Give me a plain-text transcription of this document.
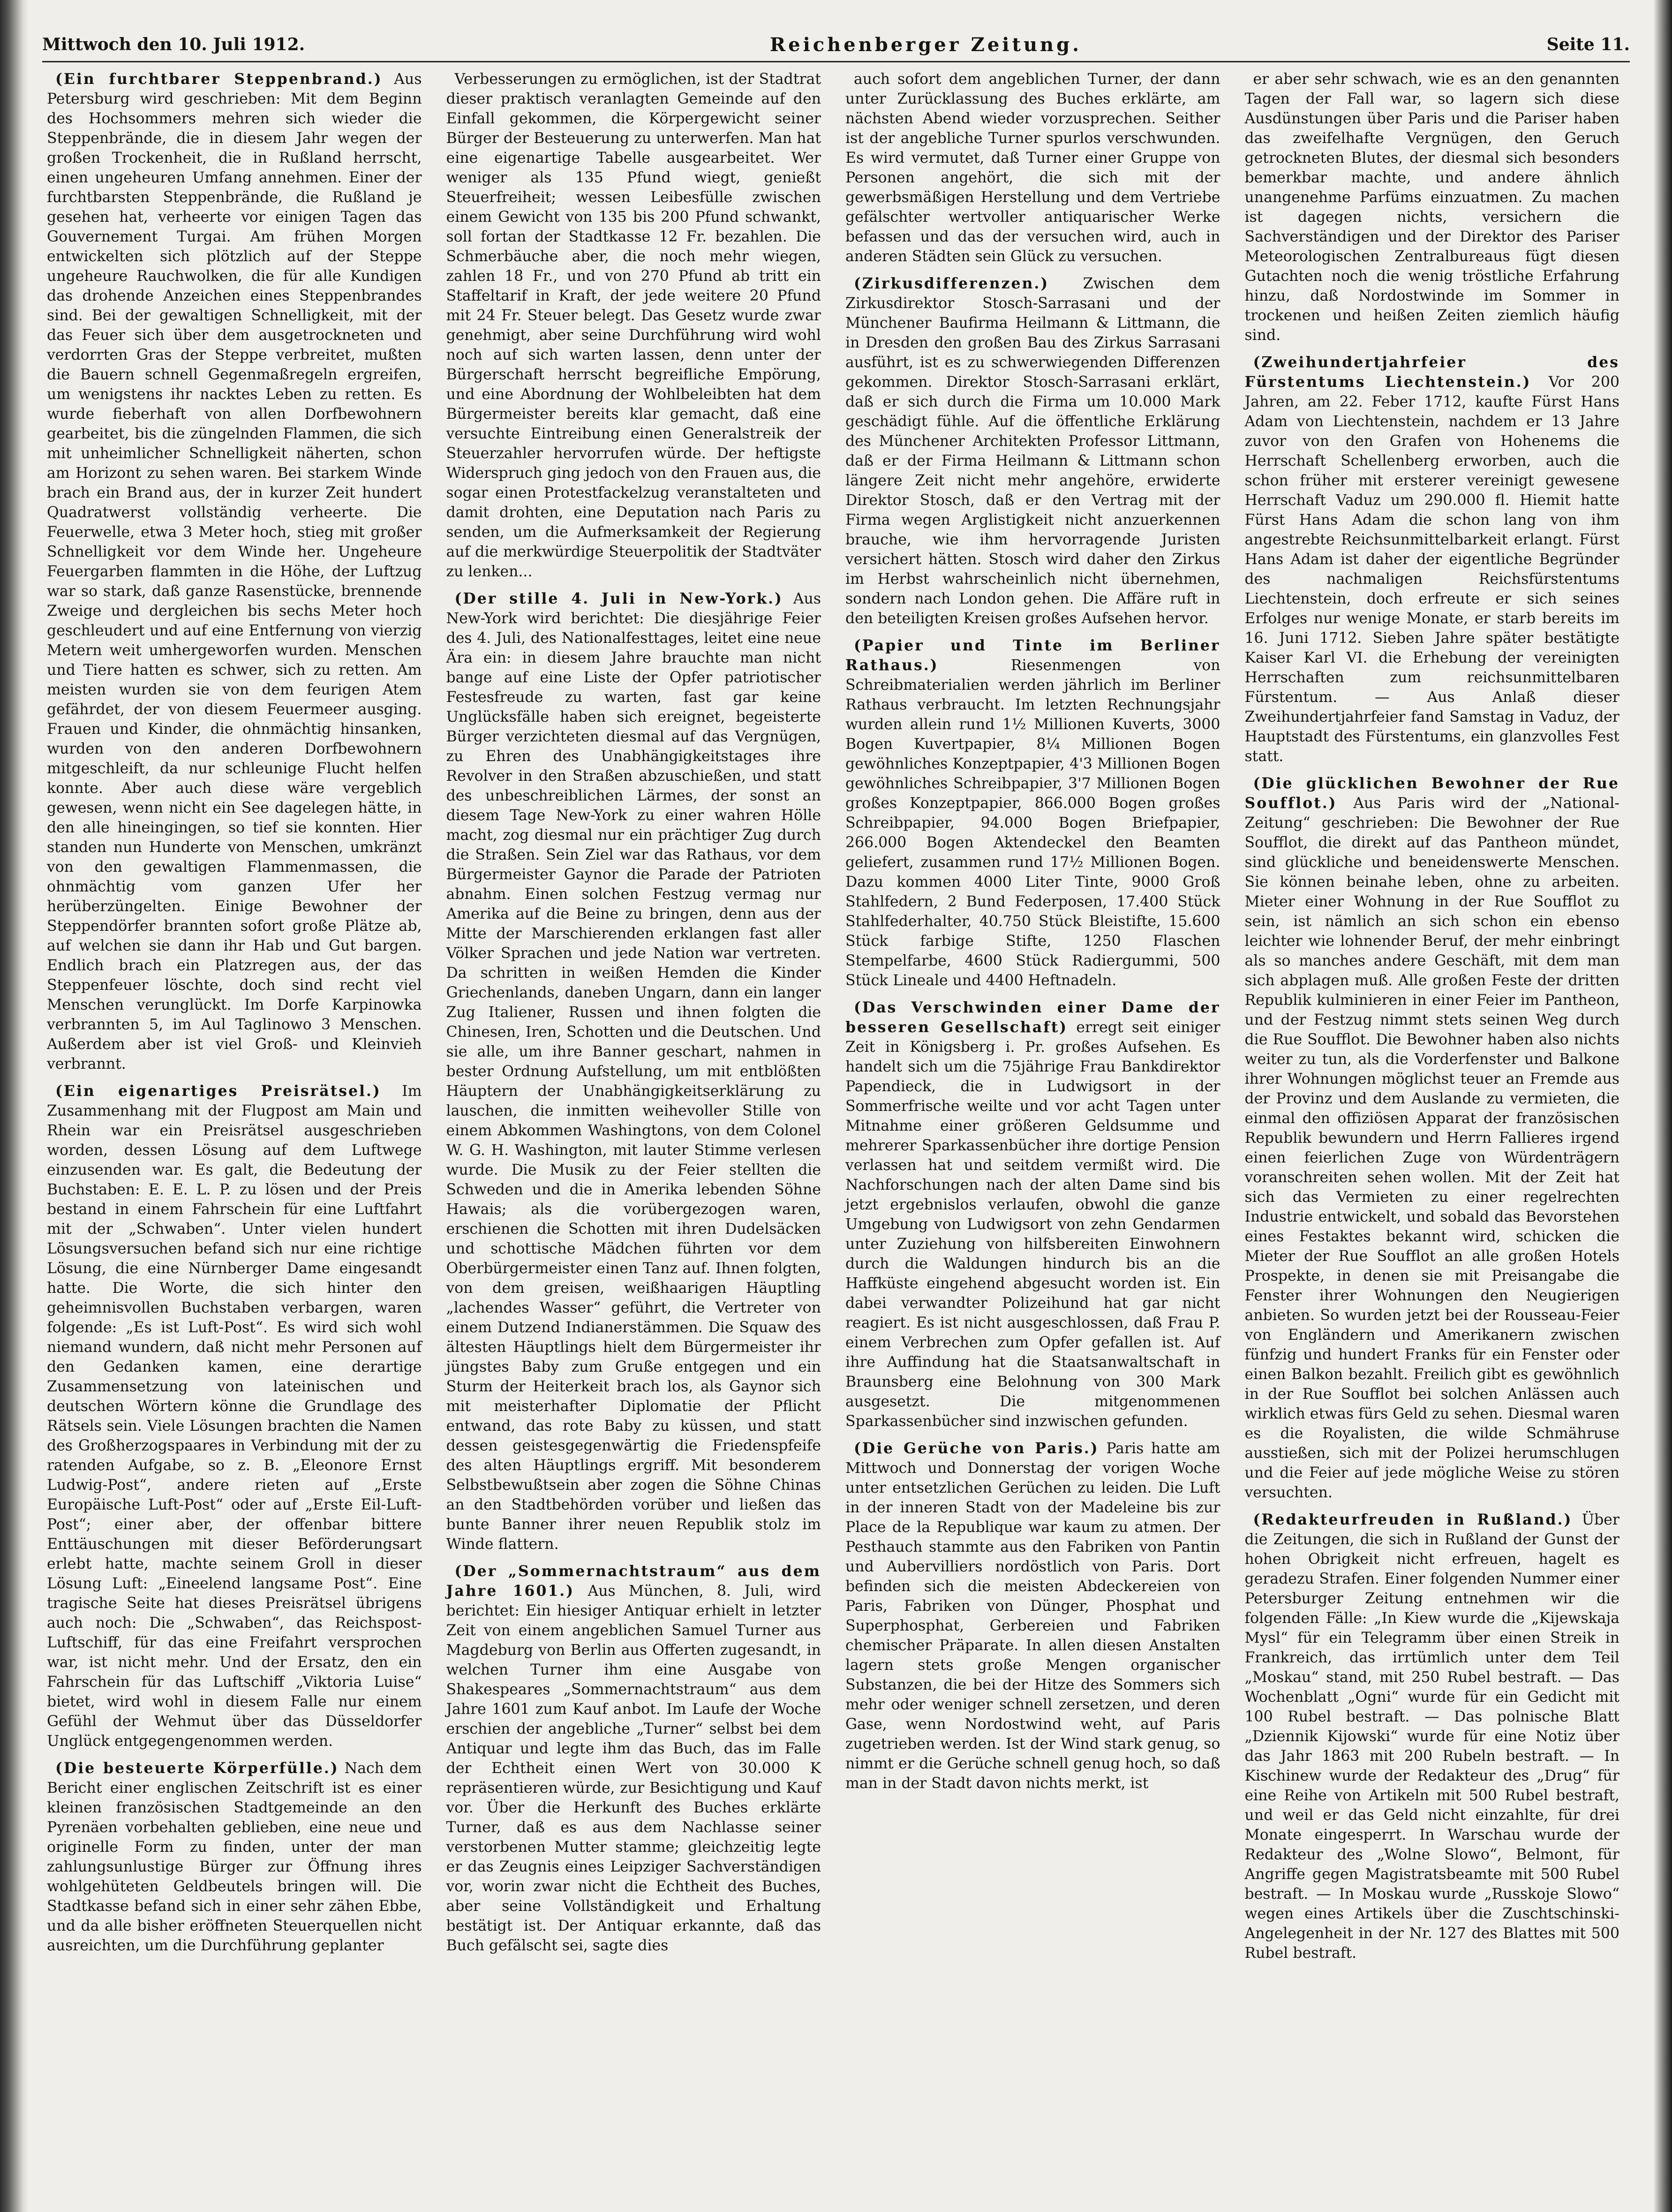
Mittwoch den 10. Juli 1912.	Reichenberger Zeitung.	Seite 11.

(Ein furchtbarer Steppenbrand.) Aus Petersburg wird geschrieben: Mit dem Beginn des Hochsommers mehren sich wieder die Steppenbrände, die in diesem Jahr wegen der großen Trockenheit, die in Rußland herrscht, einen ungeheuren Umfang annehmen. Einer der furchtbarsten Steppenbrände, die Rußland je gesehen hat, verheerte vor einigen Tagen das Gouvernement Turgai. Am frühen Morgen entwickelten sich plötzlich auf der Steppe ungeheure Rauchwolken, die für alle Kundigen das drohende Anzeichen eines Steppenbrandes sind. Bei der gewaltigen Schnelligkeit, mit der das Feuer sich über dem ausgetrockneten und verdorrten Gras der Steppe verbreitet, mußten die Bauern schnell Gegenmaßregeln ergreifen, um wenigstens ihr nacktes Leben zu retten. Es wurde fieberhaft von allen Dorfbewohnern gearbeitet, bis die züngelnden Flammen, die sich mit unheimlicher Schnelligkeit näherten, schon am Horizont zu sehen waren. Bei starkem Winde brach ein Brand aus, der in kurzer Zeit hundert Quadratwerst vollständig verheerte. Die Feuerwelle, etwa 3 Meter hoch, stieg mit großer Schnelligkeit vor dem Winde her. Ungeheure Feuergarben flammten in die Höhe, der Luftzug war so stark, daß ganze Rasenstücke, brennende Zweige und dergleichen bis sechs Meter hoch geschleudert und auf eine Entfernung von vierzig Metern weit umhergeworfen wurden. Menschen und Tiere hatten es schwer, sich zu retten. Am meisten wurden sie von dem feurigen Atem gefährdet, der von diesem Feuermeer ausging. Frauen und Kinder, die ohnmächtig hinsanken, wurden von den anderen Dorfbewohnern mitgeschleift, da nur schleunige Flucht helfen konnte. Aber auch diese wäre vergeblich gewesen, wenn nicht ein See dagelegen hätte, in den alle hineingingen, so tief sie konnten. Hier standen nun Hunderte von Menschen, umkränzt von den gewaltigen Flammenmassen, die ohnmächtig vom ganzen Ufer her herüberzüngelten. Einige Bewohner der Steppendörfer brannten sofort große Plätze ab, auf welchen sie dann ihr Hab und Gut bargen. Endlich brach ein Platzregen aus, der das Steppenfeuer löschte, doch sind recht viel Menschen verunglückt. Im Dorfe Karpinowka verbrannten 5, im Aul Taglinowo 3 Menschen. Außerdem aber ist viel Groß- und Kleinvieh verbrannt.

(Ein eigenartiges Preisrätsel.) Im Zusammenhang mit der Flugpost am Main und Rhein war ein Preisrätsel ausgeschrieben worden, dessen Lösung auf dem Luftwege einzusenden war. Es galt, die Bedeutung der Buchstaben: E. E. L. P. zu lösen und der Preis bestand in einem Fahrschein für eine Luftfahrt mit der „Schwaben“. Unter vielen hundert Lösungsversuchen befand sich nur eine richtige Lösung, die eine Nürnberger Dame eingesandt hatte. Die Worte, die sich hinter den geheimnisvollen Buchstaben verbargen, waren folgende: „Es ist Luft-Post“. Es wird sich wohl niemand wundern, daß nicht mehr Personen auf den Gedanken kamen, eine derartige Zusammensetzung von lateinischen und deutschen Wörtern könne die Grundlage des Rätsels sein. Viele Lösungen brachten die Namen des Großherzogspaares in Verbindung mit der zu ratenden Aufgabe, so z. B. „Eleonore Ernst Ludwig-Post“, andere rieten auf „Erste Europäische Luft-Post“ oder auf „Erste Eil-Luft-Post“; einer aber, der offenbar bittere Enttäuschungen mit dieser Beförderungsart erlebt hatte, machte seinem Groll in dieser Lösung Luft: „Eineelend langsame Post“. Eine tragische Seite hat dieses Preisrätsel übrigens auch noch: Die „Schwaben“, das Reichspost-Luftschiff, für das eine Freifahrt versprochen war, ist nicht mehr. Und der Ersatz, den ein Fahrschein für das Luftschiff „Viktoria Luise“ bietet, wird wohl in diesem Falle nur einem Gefühl der Wehmut über das Düsseldorfer Unglück entgegengenommen werden.

(Die besteuerte Körperfülle.) Nach dem Bericht einer englischen Zeitschrift ist es einer kleinen französischen Stadtgemeinde an den Pyrenäen vorbehalten geblieben, eine neue und originelle Form zu finden, unter der man zahlungsunlustige Bürger zur Öffnung ihres wohlgehüteten Geldbeutels bringen will. Die Stadtkasse befand sich in einer sehr zähen Ebbe, und da alle bisher eröffneten Steuerquellen nicht ausreichten, um die Durchführung geplanter

Verbesserungen zu ermöglichen, ist der Stadtrat dieser praktisch veranlagten Gemeinde auf den Einfall gekommen, die Körpergewicht seiner Bürger der Besteuerung zu unterwerfen. Man hat eine eigenartige Tabelle ausgearbeitet. Wer weniger als 135 Pfund wiegt, genießt Steuerfreiheit; wessen Leibesfülle zwischen einem Gewicht von 135 bis 200 Pfund schwankt, soll fortan der Stadtkasse 12 Fr. bezahlen. Die Schmerbäuche aber, die noch mehr wiegen, zahlen 18 Fr., und von 270 Pfund ab tritt ein Staffeltarif in Kraft, der jede weitere 20 Pfund mit 24 Fr. Steuer belegt. Das Gesetz wurde zwar genehmigt, aber seine Durchführung wird wohl noch auf sich warten lassen, denn unter der Bürgerschaft herrscht begreifliche Empörung, und eine Abordnung der Wohlbeleibten hat dem Bürgermeister bereits klar gemacht, daß eine versuchte Eintreibung einen Generalstreik der Steuerzahler hervorrufen würde. Der heftigste Widerspruch ging jedoch von den Frauen aus, die sogar einen Protestfackelzug veranstalteten und damit drohten, eine Deputation nach Paris zu senden, um die Aufmerksamkeit der Regierung auf die merkwürdige Steuerpolitik der Stadtväter zu lenken...

(Der stille 4. Juli in New-York.) Aus New-York wird berichtet: Die diesjährige Feier des 4. Juli, des Nationalfesttages, leitet eine neue Ära ein: in diesem Jahre brauchte man nicht bange auf eine Liste der Opfer patriotischer Festesfreude zu warten, fast gar keine Unglücksfälle haben sich ereignet, begeisterte Bürger verzichteten diesmal auf das Vergnügen, zu Ehren des Unabhängigkeitstages ihre Revolver in den Straßen abzuschießen, und statt des unbeschreiblichen Lärmes, der sonst an diesem Tage New-York zu einer wahren Hölle macht, zog diesmal nur ein prächtiger Zug durch die Straßen. Sein Ziel war das Rathaus, vor dem Bürgermeister Gaynor die Parade der Patrioten abnahm. Einen solchen Festzug vermag nur Amerika auf die Beine zu bringen, denn aus der Mitte der Marschierenden erklangen fast aller Völker Sprachen und jede Nation war vertreten. Da schritten in weißen Hemden die Kinder Griechenlands, daneben Ungarn, dann ein langer Zug Italiener, Russen und ihnen folgten die Chinesen, Iren, Schotten und die Deutschen. Und sie alle, um ihre Banner geschart, nahmen in bester Ordnung Aufstellung, um mit entblößten Häuptern der Unabhängigkeitserklärung zu lauschen, die inmitten weihevoller Stille von einem Abkommen Washingtons, von dem Colonel W. G. H. Washington, mit lauter Stimme verlesen wurde. Die Musik zu der Feier stellten die Schweden und die in Amerika lebenden Söhne Hawais; als die vorübergezogen waren, erschienen die Schotten mit ihren Dudelsäcken und schottische Mädchen führten vor dem Oberbürgermeister einen Tanz auf. Ihnen folgten, von dem greisen, weißhaarigen Häuptling „lachendes Wasser“ geführt, die Vertreter von einem Dutzend Indianerstämmen. Die Squaw des ältesten Häuptlings hielt dem Bürgermeister ihr jüngstes Baby zum Gruße entgegen und ein Sturm der Heiterkeit brach los, als Gaynor sich mit meisterhafter Diplomatie der Pflicht entwand, das rote Baby zu küssen, und statt dessen geistesgegenwärtig die Friedenspfeife des alten Häuptlings ergriff. Mit besonderem Selbstbewußtsein aber zogen die Söhne Chinas an den Stadtbehörden vorüber und ließen das bunte Banner ihrer neuen Republik stolz im Winde flattern.

(Der „Sommernachtstraum“ aus dem Jahre 1601.) Aus München, 8. Juli, wird berichtet: Ein hiesiger Antiquar erhielt in letzter Zeit von einem angeblichen Samuel Turner aus Magdeburg von Berlin aus Offerten zugesandt, in welchen Turner ihm eine Ausgabe von Shakespeares „Sommernachtstraum“ aus dem Jahre 1601 zum Kauf anbot. Im Laufe der Woche erschien der angebliche „Turner“ selbst bei dem Antiquar und legte ihm das Buch, das im Falle der Echtheit einen Wert von 30.000 K repräsentieren würde, zur Besichtigung und Kauf vor. Über die Herkunft des Buches erklärte Turner, daß es aus dem Nachlasse seiner verstorbenen Mutter stamme; gleichzeitig legte er das Zeugnis eines Leipziger Sachverständigen vor, worin zwar nicht die Echtheit des Buches, aber seine Vollständigkeit und Erhaltung bestätigt ist. Der Antiquar erkannte, daß das Buch gefälscht sei, sagte dies

auch sofort dem angeblichen Turner, der dann unter Zurücklassung des Buches erklärte, am nächsten Abend wieder vorzusprechen. Seither ist der angebliche Turner spurlos verschwunden. Es wird vermutet, daß Turner einer Gruppe von Personen angehört, die sich mit der gewerbsmäßigen Herstellung und dem Vertriebe gefälschter wertvoller antiquarischer Werke befassen und das der versuchen wird, auch in anderen Städten sein Glück zu versuchen.

(Zirkusdifferenzen.) Zwischen dem Zirkusdirektor Stosch-Sarrasani und der Münchener Baufirma Heilmann & Littmann, die in Dresden den großen Bau des Zirkus Sarrasani ausführt, ist es zu schwerwiegenden Differenzen gekommen. Direktor Stosch-Sarrasani erklärt, daß er sich durch die Firma um 10.000 Mark geschädigt fühle. Auf die öffentliche Erklärung des Münchener Architekten Professor Littmann, daß er der Firma Heilmann & Littmann schon längere Zeit nicht mehr angehöre, erwiderte Direktor Stosch, daß er den Vertrag mit der Firma wegen Arglistigkeit nicht anzuerkennen brauche, wie ihm hervorragende Juristen versichert hätten. Stosch wird daher den Zirkus im Herbst wahrscheinlich nicht übernehmen, sondern nach London gehen. Die Affäre ruft in den beteiligten Kreisen großes Aufsehen hervor.

(Papier und Tinte im Berliner Rathaus.)	Riesenmengen von Schreibmaterialien werden jährlich im Berliner Rathaus verbraucht. Im letzten Rechnungsjahr wurden allein rund 1½ Millionen Kuverts, 3000 Bogen Kuvertpapier, 8¼ Millionen Bogen gewöhnliches Konzeptpapier, 4'3 Millionen Bogen gewöhnliches Schreibpapier, 3'7 Millionen Bogen großes Konzeptpapier, 866.000 Bogen großes Schreibpapier, 94.000 Bogen Briefpapier, 266.000 Bogen Aktendeckel den Beamten geliefert, zusammen rund 17½ Millionen Bogen. Dazu kommen 4000 Liter Tinte, 9000 Groß Stahlfedern, 2 Bund Federposen, 17.400 Stück Stahlfederhalter, 40.750 Stück Bleistifte, 15.600 Stück farbige Stifte, 1250 Flaschen Stempelfarbe, 4600 Stück Radiergummi, 500 Stück Lineale und 4400 Heftnadeln.

(Das Verschwinden einer Dame der besseren Gesellschaft) erregt seit einiger Zeit in Königsberg i. Pr. großes Aufsehen. Es handelt sich um die 75jährige Frau Bankdirektor Papendieck, die in Ludwigsort in der Sommerfrische weilte und vor acht Tagen unter Mitnahme einer größeren Geldsumme und mehrerer Sparkassenbücher ihre dortige Pension verlassen hat und seitdem vermißt wird. Die Nachforschungen nach der alten Dame sind bis jetzt ergebnislos verlaufen, obwohl die ganze Umgebung von Ludwigsort von zehn Gendarmen unter Zuziehung von hilfsbereiten Einwohnern durch die Waldungen hindurch bis an die Haffküste eingehend abgesucht worden ist. Ein dabei verwandter Polizeihund hat gar nicht reagiert. Es ist nicht ausgeschlossen, daß Frau P. einem Verbrechen zum Opfer gefallen ist. Auf ihre Auffindung hat die Staatsanwaltschaft in Braunsberg eine Belohnung von 300 Mark ausgesetzt. Die mitgenommenen Sparkassenbücher sind inzwischen gefunden.

(Die Gerüche von Paris.) Paris hatte am Mittwoch und Donnerstag der vorigen Woche unter entsetzlichen Gerüchen zu leiden. Die Luft in der inneren Stadt von der Madeleine bis zur Place de la Republique war kaum zu atmen. Der Pesthauch stammte aus den Fabriken von Pantin und Aubervilliers nordöstlich von Paris. Dort befinden sich die meisten Abdeckereien von Paris, Fabriken von Dünger, Phosphat und Superphosphat, Gerbereien und Fabriken chemischer Präparate. In allen diesen Anstalten lagern stets große Mengen organischer Substanzen, die bei der Hitze des Sommers sich mehr oder weniger schnell zersetzen, und deren Gase, wenn Nordostwind weht, auf Paris zugetrieben werden. Ist der Wind stark genug, so nimmt er die Gerüche schnell genug hoch, so daß man in der Stadt davon nichts merkt, ist

er aber sehr schwach, wie es an den genannten Tagen der Fall war, so lagern sich diese Ausdünstungen über Paris und die Pariser haben das zweifelhafte Vergnügen, den Geruch getrockneten Blutes, der diesmal sich besonders bemerkbar machte, und andere ähnlich unangenehme Parfüms einzuatmen. Zu machen ist dagegen nichts, versichern die Sachverständigen und der Direktor des Pariser Meteorologischen Zentralbureaus fügt diesen Gutachten noch die wenig tröstliche Erfahrung hinzu, daß Nordostwinde im Sommer in trockenen und heißen Zeiten ziemlich häufig sind.

(Zweihundertjahrfeier des Fürstentums Liechtenstein.) Vor 200 Jahren, am 22. Feber 1712, kaufte Fürst Hans Adam von Liechtenstein, nachdem er 13 Jahre zuvor von den Grafen von Hohenems die Herrschaft Schellenberg erworben, auch die schon früher mit ersterer vereinigt gewesene Herrschaft Vaduz um 290.000 fl. Hiemit hatte Fürst Hans Adam die schon lang von ihm angestrebte Reichsunmittelbarkeit erlangt. Fürst Hans Adam ist daher der eigentliche Begründer des nachmaligen Reichsfürstentums Liechtenstein, doch erfreute er sich seines Erfolges nur wenige Monate, er starb bereits im 16. Juni 1712. Sieben Jahre später bestätigte Kaiser Karl VI. die Erhebung der vereinigten Herrschaften zum reichsunmittelbaren Fürstentum. — Aus Anlaß dieser Zweihundertjahrfeier fand Samstag in Vaduz, der Hauptstadt des Fürstentums, ein glanzvolles Fest statt.

(Die glücklichen Bewohner der Rue Soufflot.) Aus Paris wird der „National-Zeitung“ geschrieben: Die Bewohner der Rue Soufflot, die direkt auf das Pantheon mündet, sind glückliche und beneidenswerte Menschen. Sie können beinahe leben, ohne zu arbeiten. Mieter einer Wohnung in der Rue Soufflot zu sein, ist nämlich an sich schon ein ebenso leichter wie lohnender Beruf, der mehr einbringt als so manches andere Geschäft, mit dem man sich abplagen muß. Alle großen Feste der dritten Republik kulminieren in einer Feier im Pantheon, und der Festzug nimmt stets seinen Weg durch die Rue Soufflot. Die Bewohner haben also nichts weiter zu tun, als die Vorderfenster und Balkone ihrer Wohnungen möglichst teuer an Fremde aus der Provinz und dem Auslande zu vermieten, die einmal den offiziösen Apparat der französischen Republik bewundern und Herrn Fallieres irgend einen feierlichen Zuge von Würdenträgern voranschreiten sehen wollen. Mit der Zeit hat sich das Vermieten zu einer regelrechten Industrie entwickelt, und sobald das Bevorstehen eines Festaktes bekannt wird, schicken die Mieter der Rue Soufflot an alle großen Hotels Prospekte, in denen sie mit Preisangabe die Fenster ihrer Wohnungen den Neugierigen anbieten. So wurden jetzt bei der Rousseau-Feier von Engländern und Amerikanern zwischen fünfzig und hundert Franks für ein Fenster oder einen Balkon bezahlt. Freilich gibt es gewöhnlich in der Rue Soufflot bei solchen Anlässen auch wirklich etwas fürs Geld zu sehen. Diesmal waren es die Royalisten, die wilde Schmähruse ausstießen, sich mit der Polizei herumschlugen und die Feier auf jede mögliche Weise zu stören versuchten.

(Redakteurfreuden in Rußland.) Über die Zeitungen, die sich in Rußland der Gunst der hohen Obrigkeit nicht erfreuen, hagelt es geradezu Strafen. Einer folgenden Nummer einer Petersburger Zeitung entnehmen wir die folgenden Fälle: „In Kiew wurde die „Kijewskaja Mysl“ für ein Telegramm über einen Streik in Frankreich, das irrtümlich unter dem Teil „Moskau“ stand, mit 250 Rubel bestraft. — Das Wochenblatt „Ogni“ wurde für ein Gedicht mit 100 Rubel bestraft. — Das polnische Blatt „Dziennik Kijowski“ wurde für eine Notiz über das Jahr 1863 mit 200 Rubeln bestraft. — In Kischinew wurde der Redakteur des „Drug“ für eine Reihe von Artikeln mit 500 Rubel bestraft, und weil er das Geld nicht einzahlte, für drei Monate eingesperrt. In Warschau wurde der Redakteur des „Wolne Slowo“, Belmont, für Angriffe gegen Magistratsbeamte mit 500 Rubel bestraft. — In Moskau wurde „Russkoje Slowo“ wegen eines Artikels über die Zuschtschinski-Angelegenheit in der Nr. 127 des Blattes mit 500 Rubel bestraft.
